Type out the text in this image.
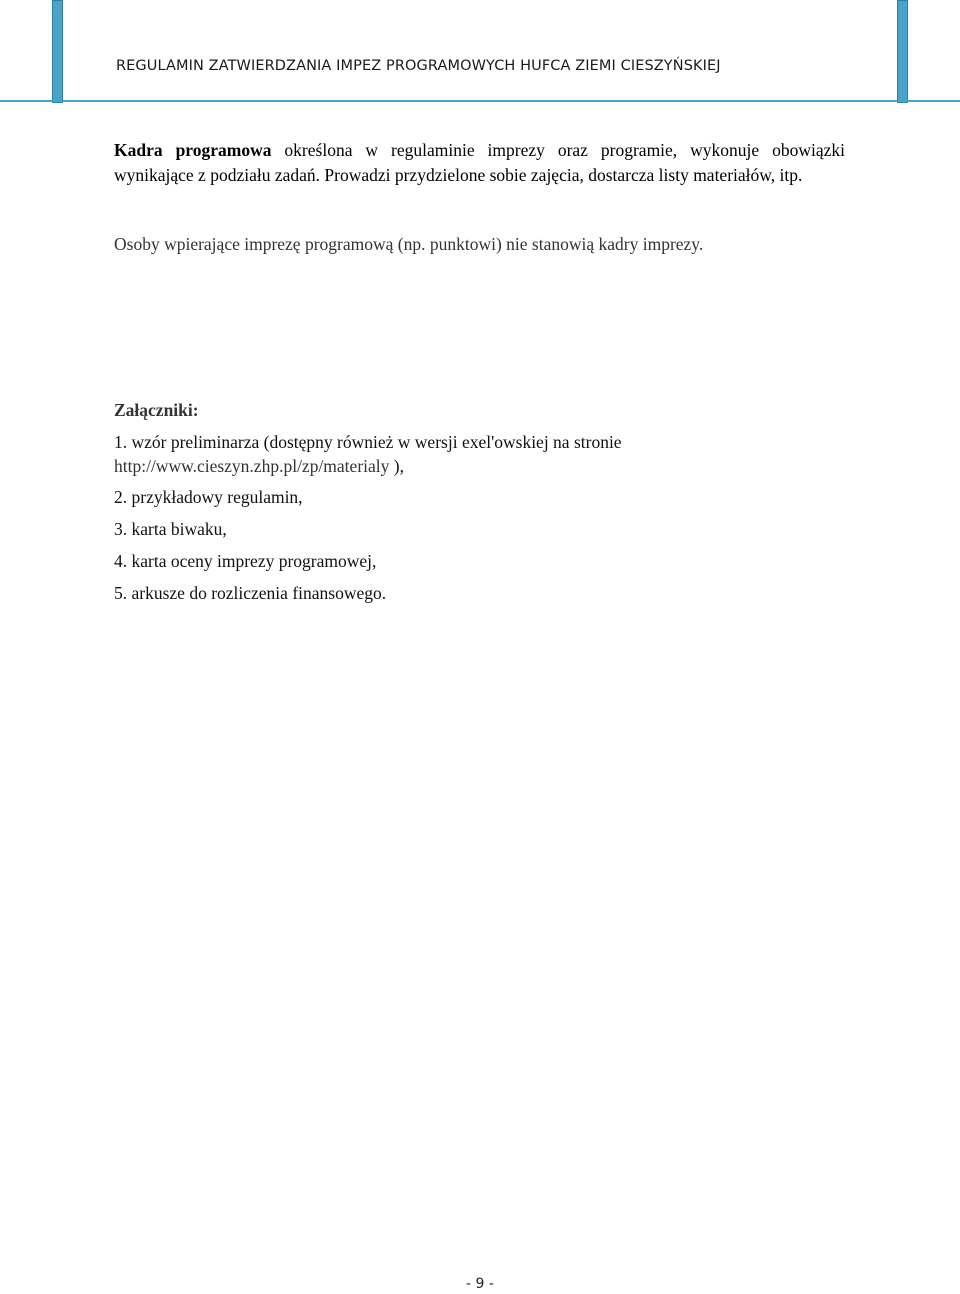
REGULAMIN ZATWIERDZANIA IMPEZ PROGRAMOWYCH HUFCA ZIEMI CIESZYŃSKIEJ
Kadra programowa określona w regulaminie imprezy oraz programie, wykonuje obowiązki wynikające z podziału zadań. Prowadzi przydzielone sobie zajęcia, dostarcza listy materiałów, itp.
Osoby wpierające imprezę programową (np. punktowi) nie stanowią kadry imprezy.
Załączniki:
1. wzór preliminarza (dostępny również w wersji exel'owskiej na stronie
http://www.cieszyn.zhp.pl/zp/materialy ),
2. przykładowy regulamin,
3. karta biwaku,
4. karta oceny imprezy programowej,
5. arkusze do rozliczenia finansowego.
- 9 -
